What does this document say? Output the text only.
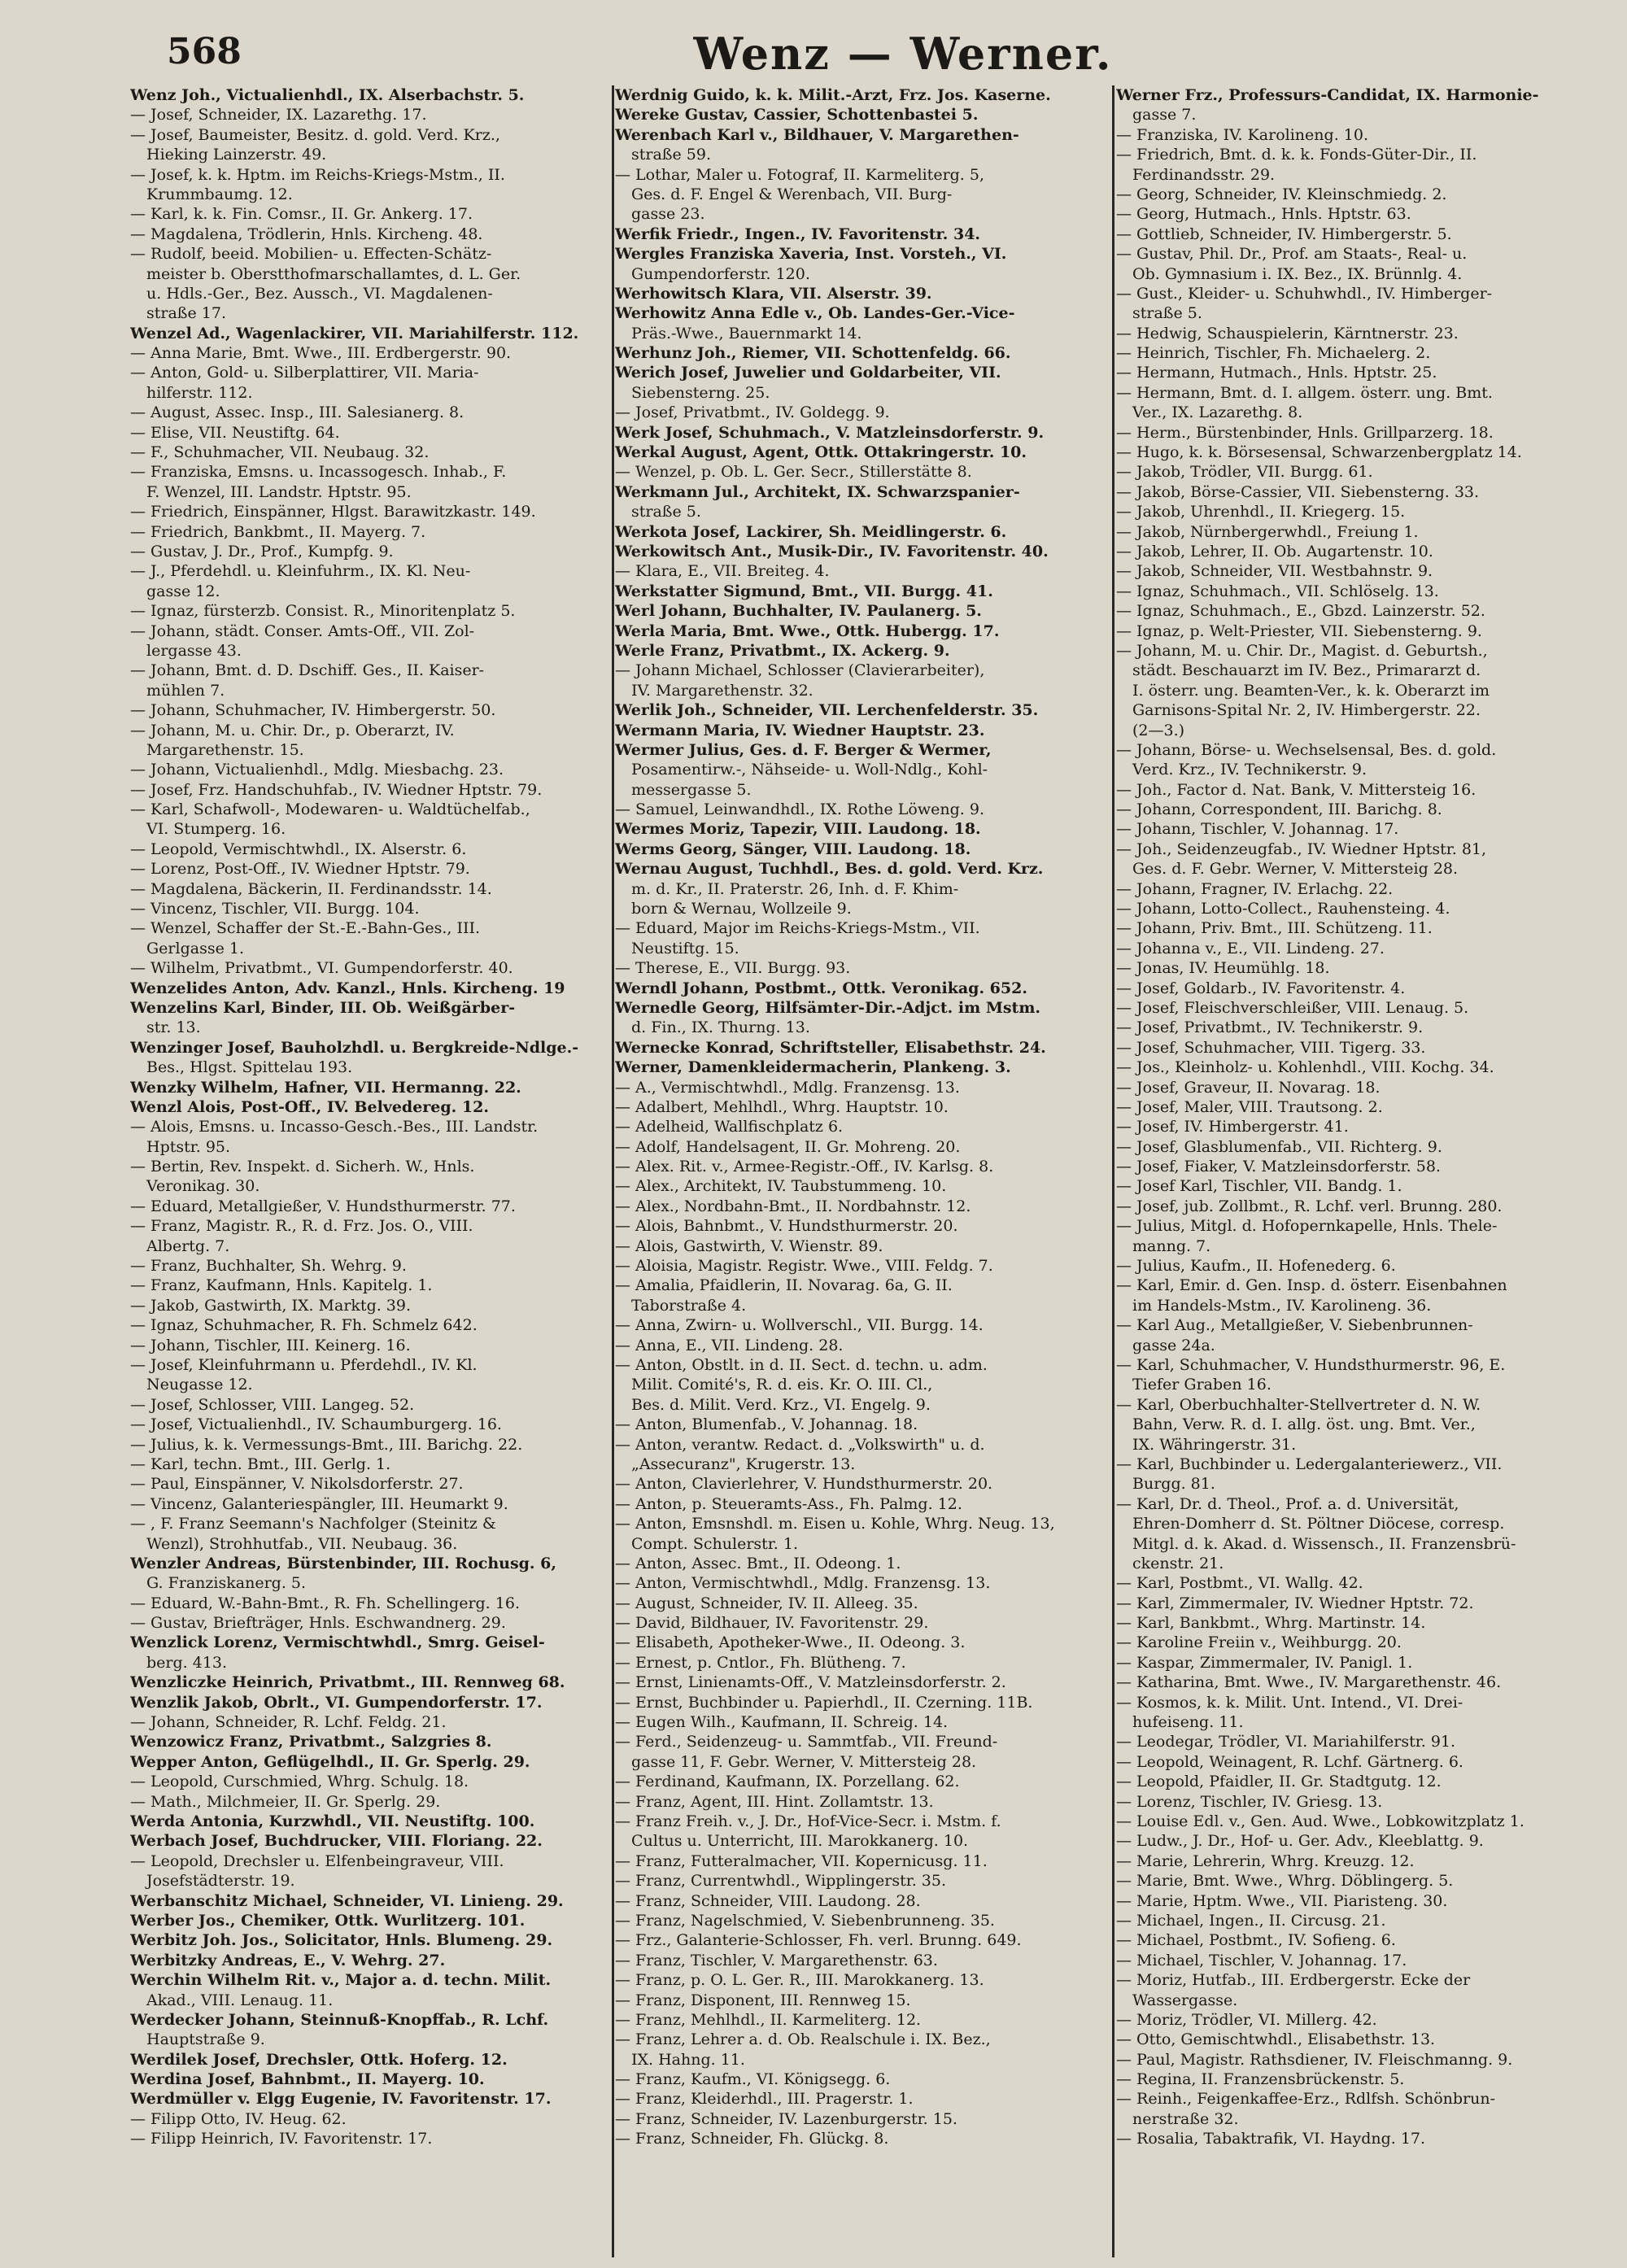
568	Wenz — Werner.
Wenz Joh., Victualienhdl., IX. Alserbachstr. 5.
— Josef, Schneider, IX. Lazarethg. 17.
— Josef, Baumeister, Besitz. d. gold. Verd. Krz.,
Hieking Lainzerstr. 49.
— Josef, k. k. Hptm. im Reichs-Kriegs-Mstm., II.
Krummbaumg. 12.
— Karl, k. k. Fin. Comsr., II. Gr. Ankerg. 17.
— Magdalena, Trödlerin, Hnls. Kircheng. 48.
— Rudolf, beeid. Mobilien- u. Effecten-Schätz-
meister b. Oberstthofmarschallamtes, d. L. Ger.
u. Hdls.-Ger., Bez. Aussch., VI. Magdalenen-
straße 17.
Wenzel Ad., Wagenlackirer, VII. Mariahilferstr. 112.
— Anna Marie, Bmt. Wwe., III. Erdbergerstr. 90.
— Anton, Gold- u. Silberplattirer, VII. Maria-
hilferstr. 112.
— August, Assec. Insp., III. Salesianerg. 8.
— Elise, VII. Neustiftg. 64.
— F., Schuhmacher, VII. Neubaug. 32.
— Franziska, Emsns. u. Incassogesch. Inhab., F.
F. Wenzel, III. Landstr. Hptstr. 95.
— Friedrich, Einspänner, Hlgst. Barawitzkastr. 149.
— Friedrich, Bankbmt., II. Mayerg. 7.
— Gustav, J. Dr., Prof., Kumpfg. 9.
— J., Pferdehdl. u. Kleinfuhrm., IX. Kl. Neu-
gasse 12.
— Ignaz, fürsterzb. Consist. R., Minoritenplatz 5.
— Johann, städt. Conser. Amts-Off., VII. Zol-
lergasse 43.
— Johann, Bmt. d. D. Dschiff. Ges., II. Kaiser-
mühlen 7.
— Johann, Schuhmacher, IV. Himbergerstr. 50.
— Johann, M. u. Chir. Dr., p. Oberarzt, IV.
Margarethenstr. 15.
— Johann, Victualienhdl., Mdlg. Miesbachg. 23.
— Josef, Frz. Handschuhfab., IV. Wiedner Hptstr. 79.
— Karl, Schafwoll-, Modewaren- u. Waldtüchelfab.,
VI. Stumperg. 16.
— Leopold, Vermischtwhdl., IX. Alserstr. 6.
— Lorenz, Post-Off., IV. Wiedner Hptstr. 79.
— Magdalena, Bäckerin, II. Ferdinandsstr. 14.
— Vincenz, Tischler, VII. Burgg. 104.
— Wenzel, Schaffer der St.-E.-Bahn-Ges., III.
Gerlgasse 1.
— Wilhelm, Privatbmt., VI. Gumpendorferstr. 40.
Wenzelides Anton, Adv. Kanzl., Hnls. Kircheng. 19
Wenzelins Karl, Binder, III. Ob. Weißgärber-
str. 13.
Wenzinger Josef, Bauholzhdl. u. Bergkreide-Ndlge.-
Bes., Hlgst. Spittelau 193.
Wenzky Wilhelm, Hafner, VII. Hermanng. 22.
Wenzl Alois, Post-Off., IV. Belvedereg. 12.
— Alois, Emsns. u. Incasso-Gesch.-Bes., III. Landstr.
Hptstr. 95.
— Bertin, Rev. Inspekt. d. Sicherh. W., Hnls.
Veronikag. 30.
— Eduard, Metallgießer, V. Hundsthurmerstr. 77.
— Franz, Magistr. R., R. d. Frz. Jos. O., VIII.
Albertg. 7.
— Franz, Buchhalter, Sh. Wehrg. 9.
— Franz, Kaufmann, Hnls. Kapitelg. 1.
— Jakob, Gastwirth, IX. Marktg. 39.
— Ignaz, Schuhmacher, R. Fh. Schmelz 642.
— Johann, Tischler, III. Keinerg. 16.
— Josef, Kleinfuhrmann u. Pferdehdl., IV. Kl.
Neugasse 12.
— Josef, Schlosser, VIII. Langeg. 52.
— Josef, Victualienhdl., IV. Schaumburgerg. 16.
— Julius, k. k. Vermessungs-Bmt., III. Barichg. 22.
— Karl, techn. Bmt., III. Gerlg. 1.
— Paul, Einspänner, V. Nikolsdorferstr. 27.
— Vincenz, Galanteriespängler, III. Heumarkt 9.
— , F. Franz Seemann's Nachfolger (Steinitz &
Wenzl), Strohhutfab., VII. Neubaug. 36.
Wenzler Andreas, Bürstenbinder, III. Rochusg. 6,
G. Franziskanerg. 5.
— Eduard, W.-Bahn-Bmt., R. Fh. Schellingerg. 16.
— Gustav, Briefträger, Hnls. Eschwandnerg. 29.
Wenzlick Lorenz, Vermischtwhdl., Smrg. Geisel-
berg. 413.
Wenzliczke Heinrich, Privatbmt., III. Rennweg 68.
Wenzlik Jakob, Obrlt., VI. Gumpendorferstr. 17.
— Johann, Schneider, R. Lchf. Feldg. 21.
Wenzowicz Franz, Privatbmt., Salzgries 8.
Wepper Anton, Geflügelhdl., II. Gr. Sperlg. 29.
— Leopold, Curschmied, Whrg. Schulg. 18.
— Math., Milchmeier, II. Gr. Sperlg. 29.
Werda Antonia, Kurzwhdl., VII. Neustiftg. 100.
Werbach Josef, Buchdrucker, VIII. Floriang. 22.
— Leopold, Drechsler u. Elfenbeingraveur, VIII.
Josefstädterstr. 19.
Werbanschitz Michael, Schneider, VI. Linieng. 29.
Werber Jos., Chemiker, Ottk. Wurlitzerg. 101.
Werbitz Joh. Jos., Solicitator, Hnls. Blumeng. 29.
Werbitzky Andreas, E., V. Wehrg. 27.
Werchin Wilhelm Rit. v., Major a. d. techn. Milit.
Akad., VIII. Lenaug. 11.
Werdecker Johann, Steinnuß-Knopffab., R. Lchf.
Hauptstraße 9.
Werdilek Josef, Drechsler, Ottk. Hoferg. 12.
Werdina Josef, Bahnbmt., II. Mayerg. 10.
Werdmüller v. Elgg Eugenie, IV. Favoritenstr. 17.
— Filipp Otto, IV. Heug. 62.
— Filipp Heinrich, IV. Favoritenstr. 17.
Werdnig Guido, k. k. Milit.-Arzt, Frz. Jos. Kaserne.
Wereke Gustav, Cassier, Schottenbastei 5.
Werenbach Karl v., Bildhauer, V. Margarethen-
straße 59.
— Lothar, Maler u. Fotograf, II. Karmeliterg. 5,
Ges. d. F. Engel & Werenbach, VII. Burg-
gasse 23.
Werfik Friedr., Ingen., IV. Favoritenstr. 34.
Wergles Franziska Xaveria, Inst. Vorsteh., VI.
Gumpendorferstr. 120.
Werhowitsch Klara, VII. Alserstr. 39.
Werhowitz Anna Edle v., Ob. Landes-Ger.-Vice-
Präs.-Wwe., Bauernmarkt 14.
Werhunz Joh., Riemer, VII. Schottenfeldg. 66.
Werich Josef, Juwelier und Goldarbeiter, VII.
Siebensterng. 25.
— Josef, Privatbmt., IV. Goldegg. 9.
Werk Josef, Schuhmach., V. Matzleinsdorferstr. 9.
Werkal August, Agent, Ottk. Ottakringerstr. 10.
— Wenzel, p. Ob. L. Ger. Secr., Stillerstätte 8.
Werkmann Jul., Architekt, IX. Schwarzspanier-
straße 5.
Werkota Josef, Lackirer, Sh. Meidlingerstr. 6.
Werkowitsch Ant., Musik-Dir., IV. Favoritenstr. 40.
— Klara, E., VII. Breiteg. 4.
Werkstatter Sigmund, Bmt., VII. Burgg. 41.
Werl Johann, Buchhalter, IV. Paulanerg. 5.
Werla Maria, Bmt. Wwe., Ottk. Hubergg. 17.
Werle Franz, Privatbmt., IX. Ackerg. 9.
— Johann Michael, Schlosser (Clavierarbeiter),
IV. Margarethenstr. 32.
Werlik Joh., Schneider, VII. Lerchenfelderstr. 35.
Wermann Maria, IV. Wiedner Hauptstr. 23.
Wermer Julius, Ges. d. F. Berger & Wermer,
Posamentirw.-, Nähseide- u. Woll-Ndlg., Kohl-
messergasse 5.
— Samuel, Leinwandhdl., IX. Rothe Löweng. 9.
Wermes Moriz, Tapezir, VIII. Laudong. 18.
Werms Georg, Sänger, VIII. Laudong. 18.
Wernau August, Tuchhdl., Bes. d. gold. Verd. Krz.
m. d. Kr., II. Praterstr. 26, Inh. d. F. Khim-
born & Wernau, Wollzeile 9.
— Eduard, Major im Reichs-Kriegs-Mstm., VII.
Neustiftg. 15.
— Therese, E., VII. Burgg. 93.
Werndl Johann, Postbmt., Ottk. Veronikag. 652.
Wernedle Georg, Hilfsämter-Dir.-Adjct. im Mstm.
d. Fin., IX. Thurng. 13.
Wernecke Konrad, Schriftsteller, Elisabethstr. 24.
Werner, Damenkleidermacherin, Plankeng. 3.
— A., Vermischtwhdl., Mdlg. Franzensg. 13.
— Adalbert, Mehlhdl., Whrg. Hauptstr. 10.
— Adelheid, Wallfischplatz 6.
— Adolf, Handelsagent, II. Gr. Mohreng. 20.
— Alex. Rit. v., Armee-Registr.-Off., IV. Karlsg. 8.
— Alex., Architekt, IV. Taubstummeng. 10.
— Alex., Nordbahn-Bmt., II. Nordbahnstr. 12.
— Alois, Bahnbmt., V. Hundsthurmerstr. 20.
— Alois, Gastwirth, V. Wienstr. 89.
— Aloisia, Magistr. Registr. Wwe., VIII. Feldg. 7.
— Amalia, Pfaidlerin, II. Novarag. 6a, G. II.
Taborstraße 4.
— Anna, Zwirn- u. Wollverschl., VII. Burgg. 14.
— Anna, E., VII. Lindeng. 28.
— Anton, Obstlt. in d. II. Sect. d. techn. u. adm.
Milit. Comité's, R. d. eis. Kr. O. III. Cl.,
Bes. d. Milit. Verd. Krz., VI. Engelg. 9.
— Anton, Blumenfab., V. Johannag. 18.
— Anton, verantw. Redact. d. „Volkswirth" u. d.
„Assecuranz", Krugerstr. 13.
— Anton, Clavierlehrer, V. Hundsthurmerstr. 20.
— Anton, p. Steueramts-Ass., Fh. Palmg. 12.
— Anton, Emsnshdl. m. Eisen u. Kohle, Whrg. Neug. 13,
Compt. Schulerstr. 1.
— Anton, Assec. Bmt., II. Odeong. 1.
— Anton, Vermischtwhdl., Mdlg. Franzensg. 13.
— August, Schneider, IV. II. Alleeg. 35.
— David, Bildhauer, IV. Favoritenstr. 29.
— Elisabeth, Apotheker-Wwe., II. Odeong. 3.
— Ernest, p. Cntlor., Fh. Blütheng. 7.
— Ernst, Linienamts-Off., V. Matzleinsdorferstr. 2.
— Ernst, Buchbinder u. Papierhdl., II. Czerning. 11B.
— Eugen Wilh., Kaufmann, II. Schreig. 14.
— Ferd., Seidenzeug- u. Sammtfab., VII. Freund-
gasse 11, F. Gebr. Werner, V. Mittersteig 28.
— Ferdinand, Kaufmann, IX. Porzellang. 62.
— Franz, Agent, III. Hint. Zollamtstr. 13.
— Franz Freih. v., J. Dr., Hof-Vice-Secr. i. Mstm. f.
Cultus u. Unterricht, III. Marokkanerg. 10.
— Franz, Futteralmacher, VII. Kopernicusg. 11.
— Franz, Currentwhdl., Wipplingerstr. 35.
— Franz, Schneider, VIII. Laudong. 28.
— Franz, Nagelschmied, V. Siebenbrunneng. 35.
— Frz., Galanterie-Schlosser, Fh. verl. Brunng. 649.
— Franz, Tischler, V. Margarethenstr. 63.
— Franz, p. O. L. Ger. R., III. Marokkanerg. 13.
— Franz, Disponent, III. Rennweg 15.
— Franz, Mehlhdl., II. Karmeliterg. 12.
— Franz, Lehrer a. d. Ob. Realschule i. IX. Bez.,
IX. Hahng. 11.
— Franz, Kaufm., VI. Königsegg. 6.
— Franz, Kleiderhdl., III. Pragerstr. 1.
— Franz, Schneider, IV. Lazenburgerstr. 15.
— Franz, Schneider, Fh. Glückg. 8.
Werner Frz., Professurs-Candidat, IX. Harmonie-
gasse 7.
— Franziska, IV. Karolineng. 10.
— Friedrich, Bmt. d. k. k. Fonds-Güter-Dir., II.
Ferdinandsstr. 29.
— Georg, Schneider, IV. Kleinschmiedg. 2.
— Georg, Hutmach., Hnls. Hptstr. 63.
— Gottlieb, Schneider, IV. Himbergerstr. 5.
— Gustav, Phil. Dr., Prof. am Staats-, Real- u.
Ob. Gymnasium i. IX. Bez., IX. Brünnlg. 4.
— Gust., Kleider- u. Schuhwhdl., IV. Himberger-
straße 5.
— Hedwig, Schauspielerin, Kärntnerstr. 23.
— Heinrich, Tischler, Fh. Michaelerg. 2.
— Hermann, Hutmach., Hnls. Hptstr. 25.
— Hermann, Bmt. d. I. allgem. österr. ung. Bmt.
Ver., IX. Lazarethg. 8.
— Herm., Bürstenbinder, Hnls. Grillparzerg. 18.
— Hugo, k. k. Börsesensal, Schwarzenbergplatz 14.
— Jakob, Trödler, VII. Burgg. 61.
— Jakob, Börse-Cassier, VII. Siebensterng. 33.
— Jakob, Uhrenhdl., II. Kriegerg. 15.
— Jakob, Nürnbergerwhdl., Freiung 1.
— Jakob, Lehrer, II. Ob. Augartenstr. 10.
— Jakob, Schneider, VII. Westbahnstr. 9.
— Ignaz, Schuhmach., VII. Schlöselg. 13.
— Ignaz, Schuhmach., E., Gbzd. Lainzerstr. 52.
— Ignaz, p. Welt-Priester, VII. Siebensterng. 9.
— Johann, M. u. Chir. Dr., Magist. d. Geburtsh.,
städt. Beschauarzt im IV. Bez., Primararzt d.
I. österr. ung. Beamten-Ver., k. k. Oberarzt im
Garnisons-Spital Nr. 2, IV. Himbergerstr. 22.
(2—3.)
— Johann, Börse- u. Wechselsensal, Bes. d. gold.
Verd. Krz., IV. Technikerstr. 9.
— Joh., Factor d. Nat. Bank, V. Mittersteig 16.
— Johann, Correspondent, III. Barichg. 8.
— Johann, Tischler, V. Johannag. 17.
— Joh., Seidenzeugfab., IV. Wiedner Hptstr. 81,
Ges. d. F. Gebr. Werner, V. Mittersteig 28.
— Johann, Fragner, IV. Erlachg. 22.
— Johann, Lotto-Collect., Rauhensteing. 4.
— Johann, Priv. Bmt., III. Schützeng. 11.
— Johanna v., E., VII. Lindeng. 27.
— Jonas, IV. Heumühlg. 18.
— Josef, Goldarb., IV. Favoritenstr. 4.
— Josef, Fleischverschleißer, VIII. Lenaug. 5.
— Josef, Privatbmt., IV. Technikerstr. 9.
— Josef, Schuhmacher, VIII. Tigerg. 33.
— Jos., Kleinholz- u. Kohlenhdl., VIII. Kochg. 34.
— Josef, Graveur, II. Novarag. 18.
— Josef, Maler, VIII. Trautsong. 2.
— Josef, IV. Himbergerstr. 41.
— Josef, Glasblumenfab., VII. Richterg. 9.
— Josef, Fiaker, V. Matzleinsdorferstr. 58.
— Josef Karl, Tischler, VII. Bandg. 1.
— Josef, jub. Zollbmt., R. Lchf. verl. Brunng. 280.
— Julius, Mitgl. d. Hofopernkapelle, Hnls. Thele-
manng. 7.
— Julius, Kaufm., II. Hofenederg. 6.
— Karl, Emir. d. Gen. Insp. d. österr. Eisenbahnen
im Handels-Mstm., IV. Karolineng. 36.
— Karl Aug., Metallgießer, V. Siebenbrunnen-
gasse 24a.
— Karl, Schuhmacher, V. Hundsthurmerstr. 96, E.
Tiefer Graben 16.
— Karl, Oberbuchhalter-Stellvertreter d. N. W.
Bahn, Verw. R. d. I. allg. öst. ung. Bmt. Ver.,
IX. Währingerstr. 31.
— Karl, Buchbinder u. Ledergalanteriewerz., VII.
Burgg. 81.
— Karl, Dr. d. Theol., Prof. a. d. Universität,
Ehren-Domherr d. St. Pöltner Diöcese, corresp.
Mitgl. d. k. Akad. d. Wissensch., II. Franzensbrü-
ckenstr. 21.
— Karl, Postbmt., VI. Wallg. 42.
— Karl, Zimmermaler, IV. Wiedner Hptstr. 72.
— Karl, Bankbmt., Whrg. Martinstr. 14.
— Karoline Freiin v., Weihburgg. 20.
— Kaspar, Zimmermaler, IV. Panigl. 1.
— Katharina, Bmt. Wwe., IV. Margarethenstr. 46.
— Kosmos, k. k. Milit. Unt. Intend., VI. Drei-
hufeiseng. 11.
— Leodegar, Trödler, VI. Mariahilferstr. 91.
— Leopold, Weinagent, R. Lchf. Gärtnerg. 6.
— Leopold, Pfaidler, II. Gr. Stadtgutg. 12.
— Lorenz, Tischler, IV. Griesg. 13.
— Louise Edl. v., Gen. Aud. Wwe., Lobkowitzplatz 1.
— Ludw., J. Dr., Hof- u. Ger. Adv., Kleeblattg. 9.
— Marie, Lehrerin, Whrg. Kreuzg. 12.
— Marie, Bmt. Wwe., Whrg. Döblingerg. 5.
— Marie, Hptm. Wwe., VII. Piaristeng. 30.
— Michael, Ingen., II. Circusg. 21.
— Michael, Postbmt., IV. Sofieng. 6.
— Michael, Tischler, V. Johannag. 17.
— Moriz, Hutfab., III. Erdbergerstr. Ecke der
Wassergasse.
— Moriz, Trödler, VI. Millerg. 42.
— Otto, Gemischtwhdl., Elisabethstr. 13.
— Paul, Magistr. Rathsdiener, IV. Fleischmanng. 9.
— Regina, II. Franzensbrückenstr. 5.
— Reinh., Feigenkaffee-Erz., Rdlfsh. Schönbrun-
nerstraße 32.
— Rosalia, Tabaktrafik, VI. Haydng. 17.
